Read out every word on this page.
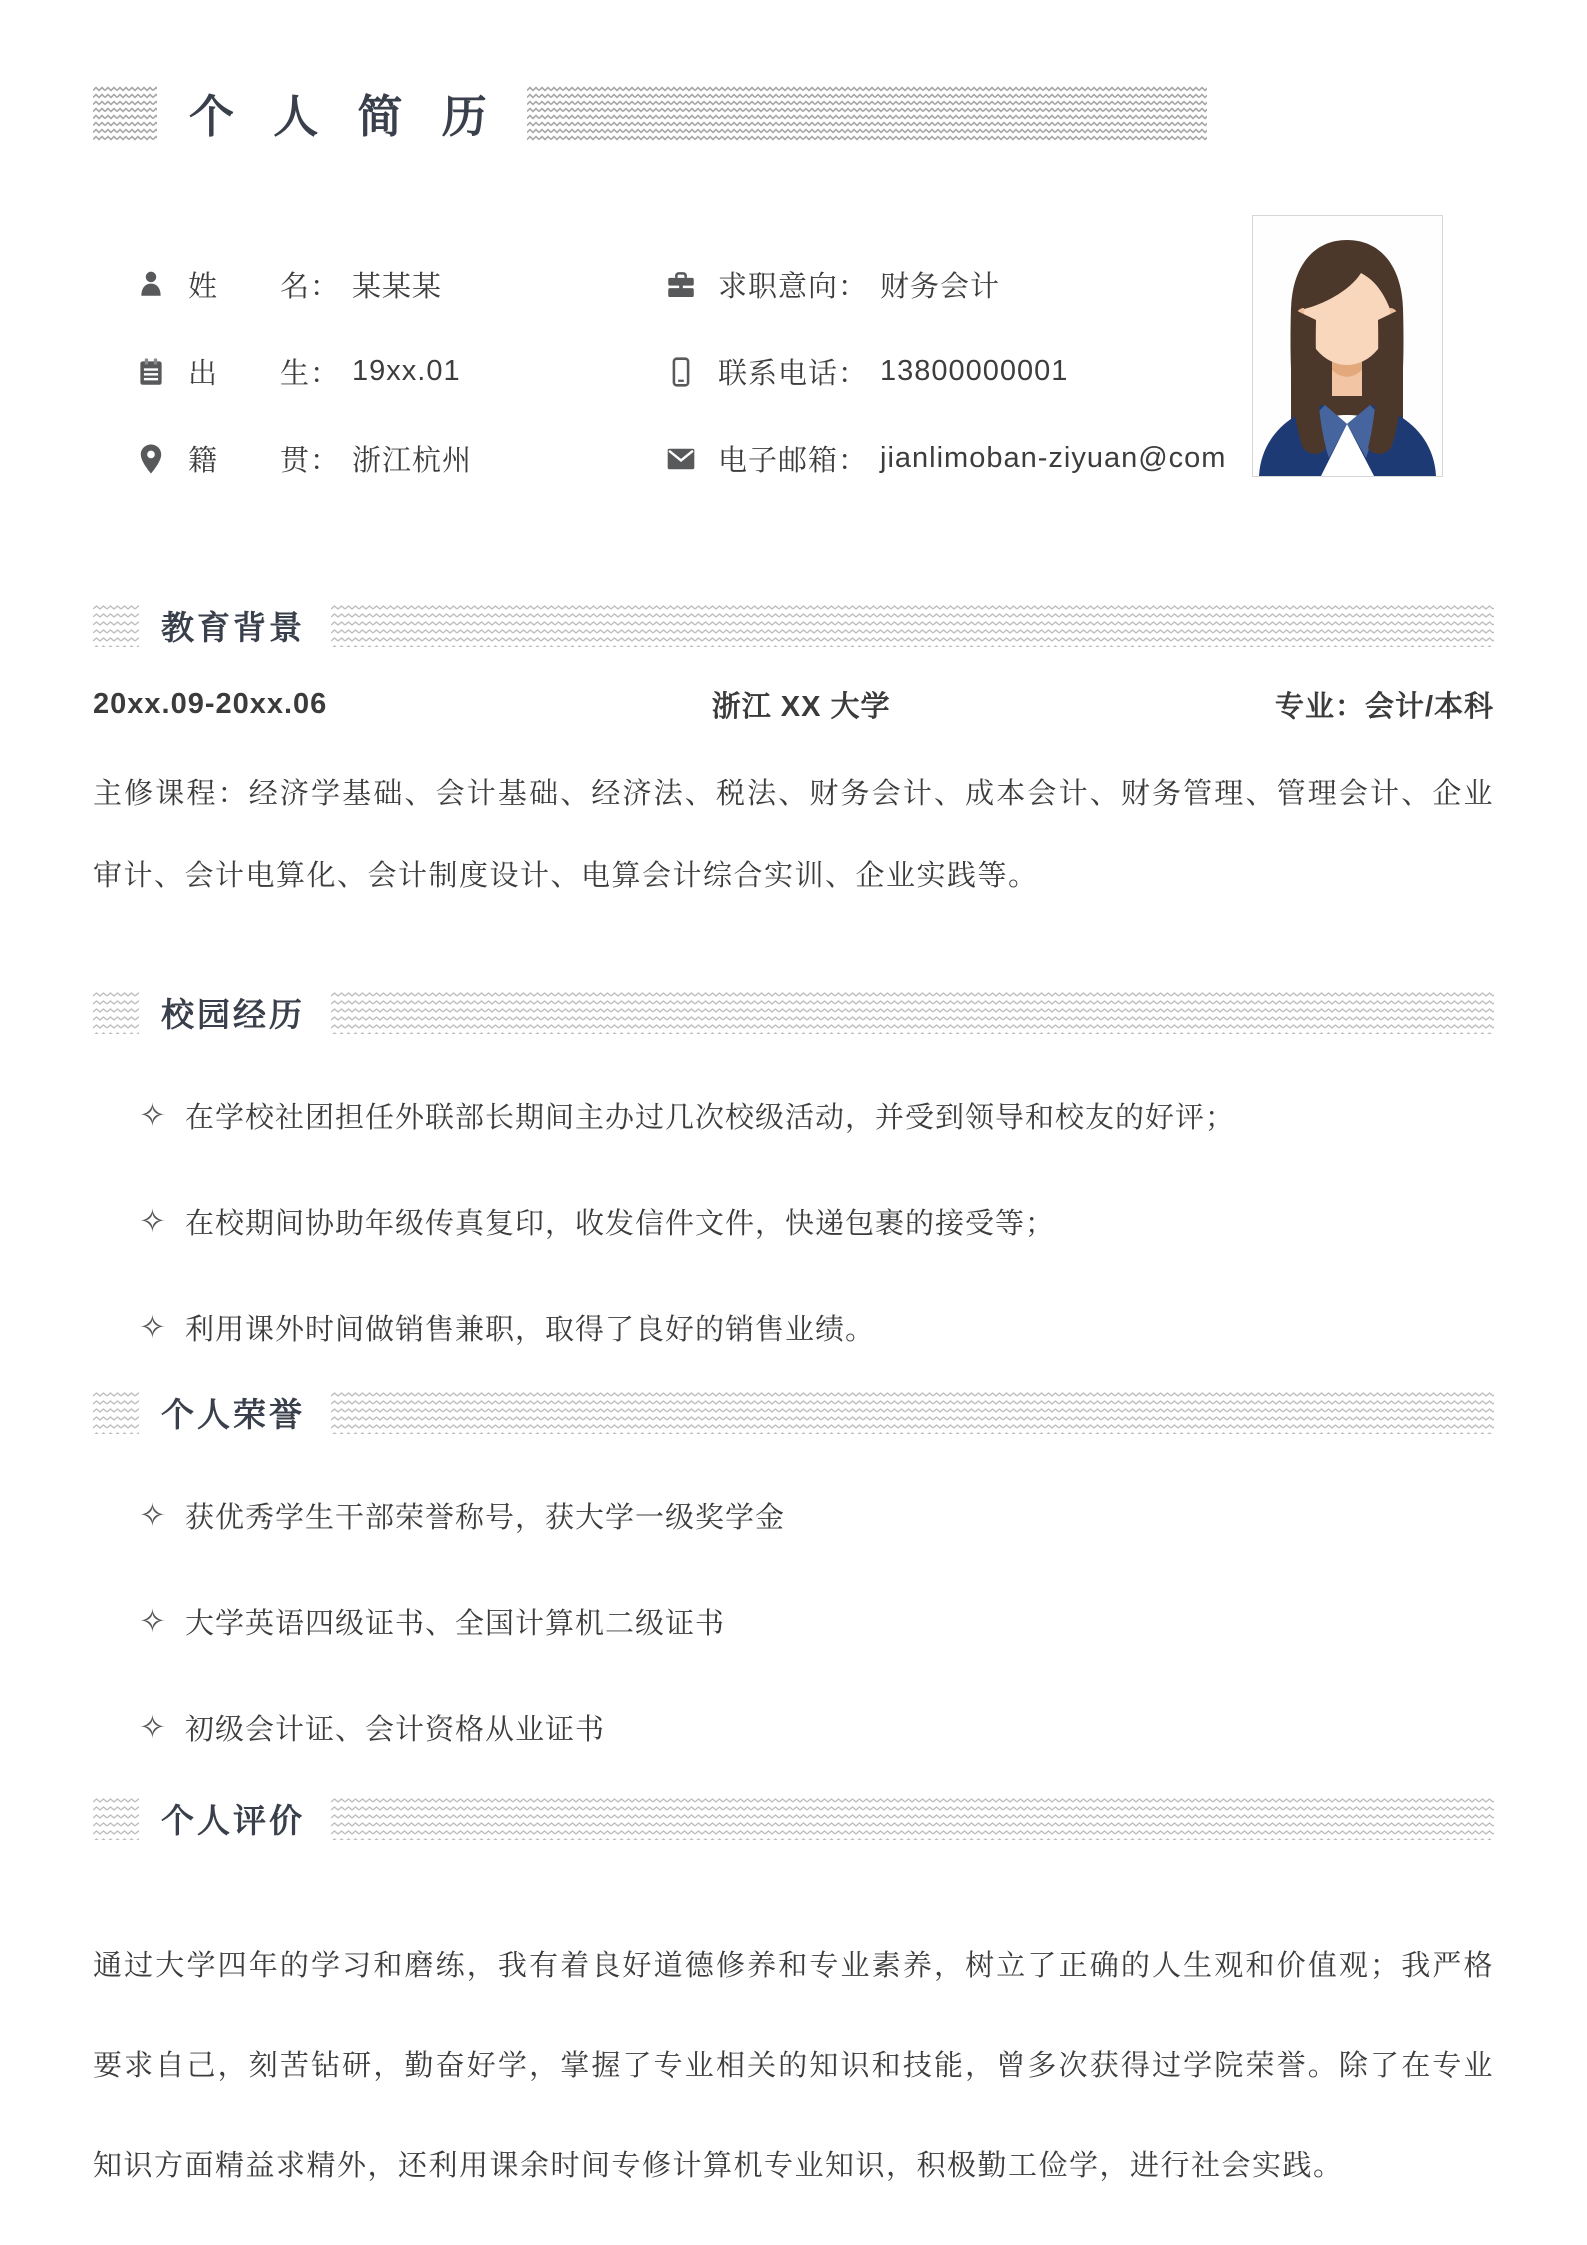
个 人 简 历
姓	名： 某某某	求职意向： 财务会计
出	生： 19xx.01	联系电话： 13800000001
籍	贯： 浙江杭州	电子邮箱： jianlimoban-ziyuan@com
教育背景
20xx.09-20xx.06	浙江 XX 大学	专业：会计/本科

主修课程：经济学基础、会计基础、经济法、税法、财务会计、成本会计、财务管理、管理会计、企业审计、会计电算化、会计制度设计、电算会计综合实训、企业实践等。

校园经历
✧ 在学校社团担任外联部长期间主办过几次校级活动，并受到领导和校友的好评；
✧ 在校期间协助年级传真复印，收发信件文件，快递包裹的接受等；
✧ 利用课外时间做销售兼职，取得了良好的销售业绩。
个人荣誉
✧ 获优秀学生干部荣誉称号，获大学一级奖学金
✧ 大学英语四级证书、全国计算机二级证书
✧ 初级会计证、会计资格从业证书
个人评价

通过大学四年的学习和磨练，我有着良好道德修养和专业素养，树立了正确的人生观和价值观；我严格要求自己，刻苦钻研，勤奋好学，掌握了专业相关的知识和技能，曾多次获得过学院荣誉。除了在专业知识方面精益求精外，还利用课余时间专修计算机专业知识，积极勤工俭学，进行社会实践。
